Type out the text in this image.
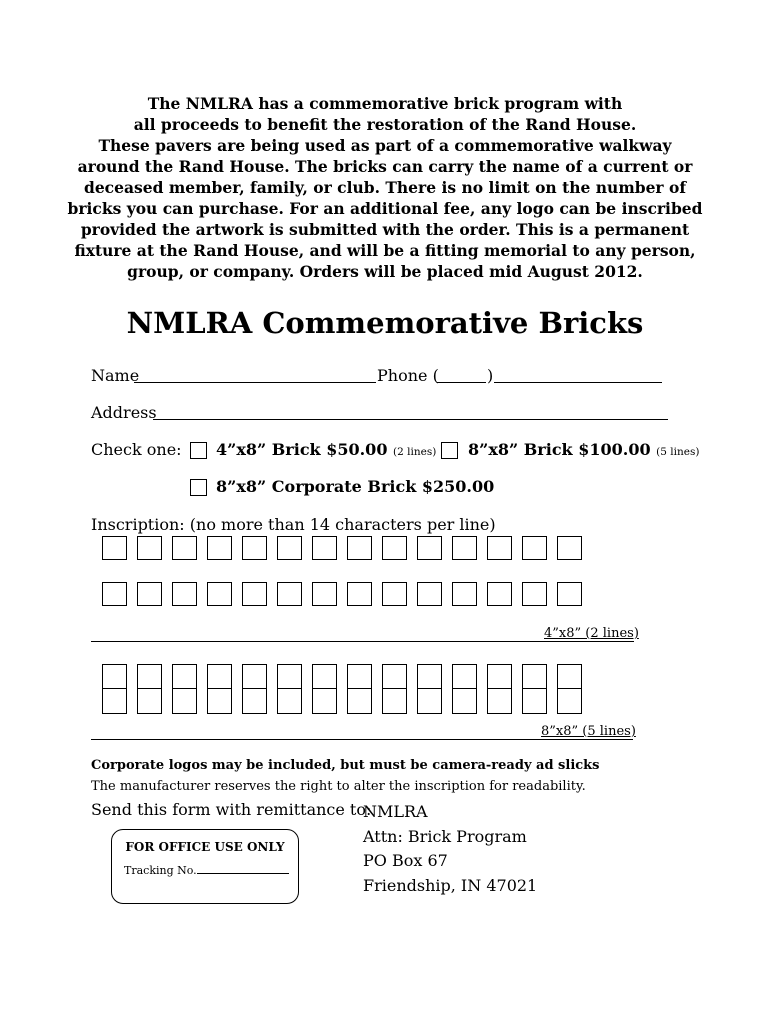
The NMLRA has a commemorative brick program with
all proceeds to benefit the restoration of the Rand House.
These pavers are being used as part of a commemorative walkway
around the Rand House. The bricks can carry the name of a current or
deceased member, family, or club. There is no limit on the number of
bricks you can purchase. For an additional fee, any logo can be inscribed
provided the artwork is submitted with the order. This is a permanent
fixture at the Rand House, and will be a fitting memorial to any person,
group, or company. Orders will be placed mid August 2012.
NMLRA Commemorative Bricks
Name	Phone (	)
Address
Check one: 4”x8” Brick $50.00 (2 lines) 8”x8” Brick $100.00 (5 lines)
8”x8” Corporate Brick $250.00
Inscription: (no more than 14 characters per line)
4”x8” (2 lines)
8”x8” (5 lines)
Corporate logos may be included, but must be camera-ready ad slicks
The manufacturer reserves the right to alter the inscription for readability.
Send this form with remittance to:
NMLRA
Attn: Brick Program
PO Box 67
Friendship, IN 47021
FOR OFFICE USE ONLY
Tracking No.
